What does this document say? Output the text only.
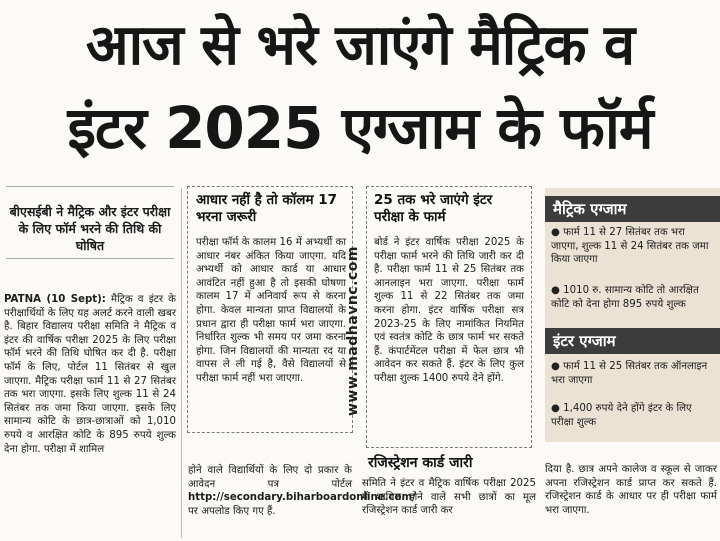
आज से भरे जाएंगे मैट्रिक व
इंटर 2025 एग्जाम के फॉर्म
बीएसईबी ने मैट्रिक और इंटर परीक्षा के लिए फॉर्म भरने की तिथि की घोषित

PATNA (10 Sept): मैट्रिक व इंटर के परीक्षार्थियों के लिए यह अलर्ट करने वाली खबर है. बिहार विद्यालय परीक्षा समिति ने मैट्रिक व इंटर की वार्षिक परीक्षा 2025 के लिए परीक्षा फॉर्म भरने की तिथि घोषित कर दी है. परीक्षा फॉर्म के लिए, पोर्टल 11 सितंबर से खुल जाएगा. मैट्रिक परीक्षा फार्म 11 से 27 सितंबर तक भरा जाएगा. इसके लिए शुल्क 11 से 24 सितंबर तक जमा किया जाएगा. इसके लिए सामान्य कोटि के छात्र-छात्राओं को 1,010 रुपये व आरक्षित कोटि के 895 रुपये शुल्क देना होगा. परीक्षा में शामिल

आधार नहीं है तो कॉलम 17 भरना जरूरी

परीक्षा फॉर्म के कालम 16 में अभ्यर्थी का आधार नंबर अंकित किया जाएगा. यदि अभ्यर्थी को आधार कार्ड या आधार आवंटित नहीं हुआ है तो इसकी घोषणा कालम 17 में अनिवार्य रूप से करना होगा. केवल मान्यता प्राप्त विद्यालयों के प्रधान द्वारा ही परीक्षा फार्म भरा जाएगा. निर्धारित शुल्क भी समय पर जमा करना होगा. जिन विद्यालयों की मान्यता रद या वापस ले ली गई है, वैसे विद्यालयों से परीक्षा फार्म नहीं भरा जाएगा.

होने वाले विद्यार्थियों के लिए दो प्रकार के आवेदन पत्र पोर्टल http://secondary.biharboardonline.com/ पर अपलोड किए गए हैं.

www.madhavnc.com
25 तक भरे जाएंगे इंटर परीक्षा के फार्म

बोर्ड ने इंटर वार्षिक परीक्षा 2025 के परीक्षा फार्म भरने की तिथि जारी कर दी है. परीक्षा फार्म 11 से 25 सितंबर तक आनलाइन भरा जाएगा. परीक्षा फार्म शुल्क 11 से 22 सितंबर तक जमा करना होगा. इंटर वार्षिक परीक्षा सत्र 2023-25 के लिए नामांकित नियमित एवं स्वतंत्र कोटि के छात्र फार्म भर सकते हैं. कंपार्टमेंटल परीक्षा में फेल छात्र भी आवेदन कर सकते हैं. इंटर के लिए कुल परीक्षा शुल्क 1400 रुपये देने होंगे.

रजिस्ट्रेशन कार्ड जारी

समिति ने इंटर व मैट्रिक वार्षिक परीक्षा 2025 में शामिल होने वाले सभी छात्रों का मूल रजिस्ट्रेशन कार्ड जारी कर

दिया है. छात्र अपने कालेज व स्कूल से जाकर अपना रजिस्ट्रेशन कार्ड प्राप्त कर सकते हैं. रजिस्ट्रेशन कार्ड के आधार पर ही परीक्षा फार्म भरा जाएगा.

मैट्रिक एग्जाम
● फार्म 11 से 27 सितंबर तक भरा जाएगा, शुल्क 11 से 24 सितंबर तक जमा किया जाएगा
● 1010 रु. सामान्य कोटि तो आरक्षित कोटि को देना होगा 895 रुपये शुल्क
इंटर एग्जाम
● फार्म 11 से 25 सितंबर तक ऑनलाइन भरा जाएगा
● 1,400 रुपये देने होंगे इंटर के लिए परीक्षा शुल्क
